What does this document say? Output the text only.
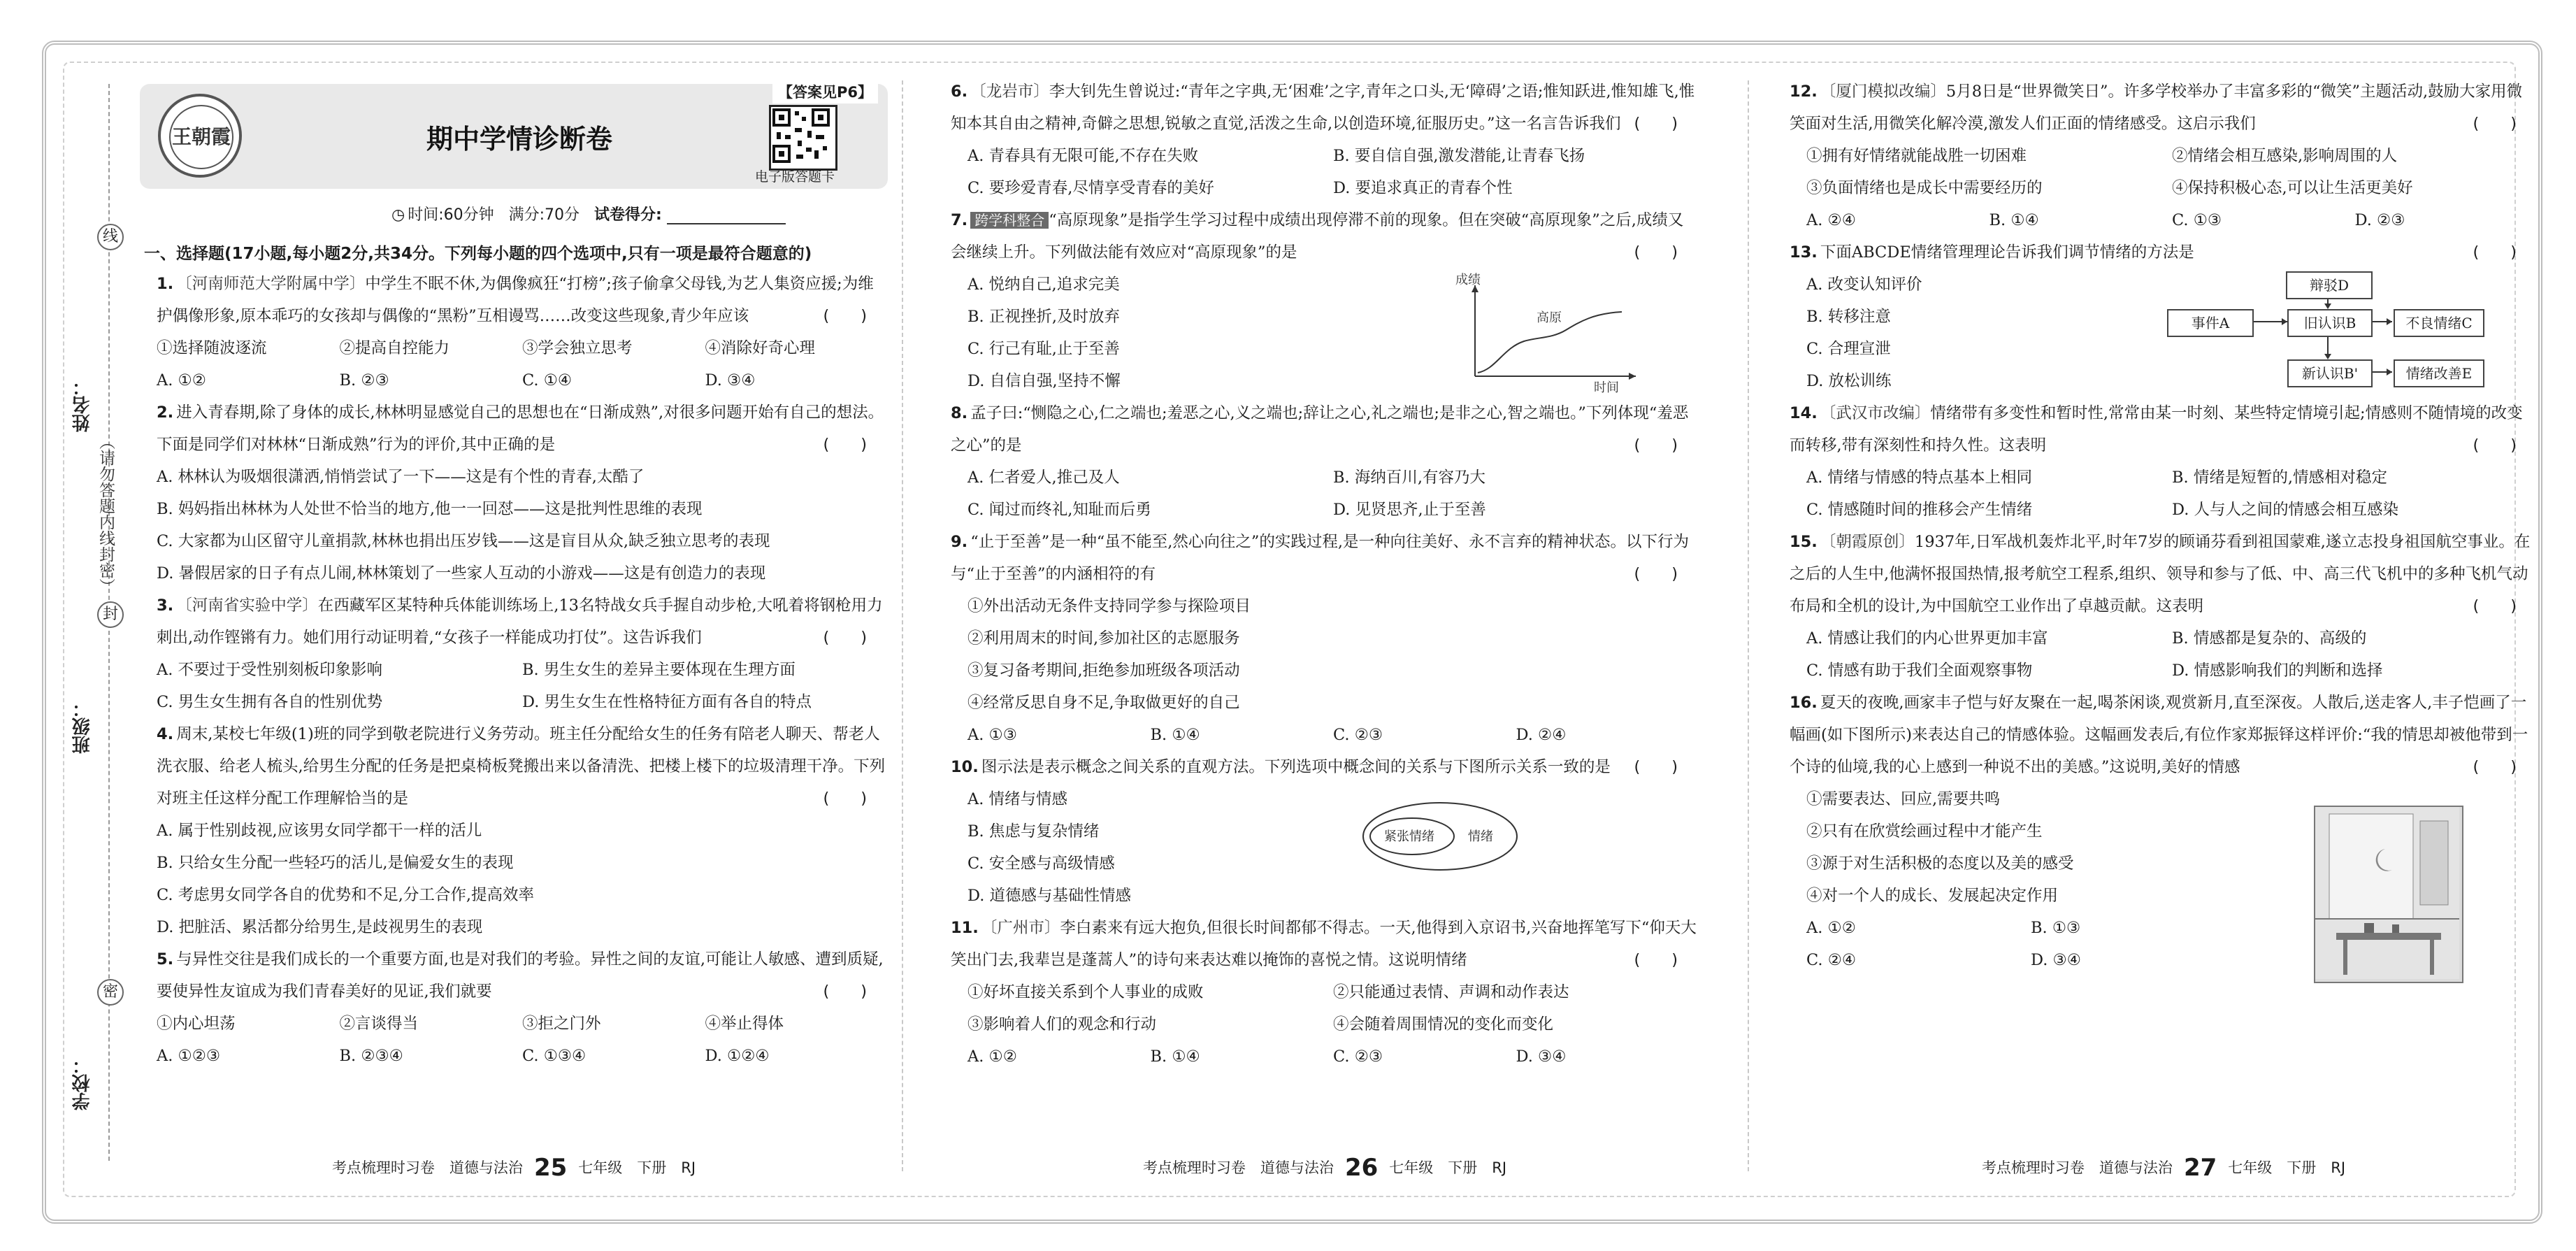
线
封
密
姓名：
（请勿答题内线封密）
班级：
学校：
王朝霞	期中学情诊断卷
【答案见P6】
电子版答题卡
◷ 时间:60分钟 满分:70分 试卷得分:
一、选择题(17小题,每小题2分,共34分。下列每小题的四个选项中,只有一项是最符合题意的)
1. 〔河南师范大学附属中学〕中学生不眠不休,为偶像疯狂“打榜”;孩子偷拿父母钱,为艺人集资应援;为维护偶像形象,原本乖巧的女孩却与偶像的“黑粉”互相谩骂……改变这些现象,青少年应该	(　　)
①选择随波逐流	②提高自控能力	③学会独立思考	④消除好奇心理
A. ①②	B. ②③	C. ①④	D. ③④
2. 进入青春期,除了身体的成长,林林明显感觉自己的思想也在“日渐成熟”,对很多问题开始有自己的想法。下面是同学们对林林“日渐成熟”行为的评价,其中正确的是	(　　)
A. 林林认为吸烟很潇洒,悄悄尝试了一下——这是有个性的青春,太酷了
B. 妈妈指出林林为人处世不恰当的地方,他一一回怼——这是批判性思维的表现
C. 大家都为山区留守儿童捐款,林林也捐出压岁钱——这是盲目从众,缺乏独立思考的表现
D. 暑假居家的日子有点儿闹,林林策划了一些家人互动的小游戏——这是有创造力的表现
3. 〔河南省实验中学〕在西藏军区某特种兵体能训练场上,13名特战女兵手握自动步枪,大吼着将钢枪用力刺出,动作铿锵有力。她们用行动证明着,“女孩子一样能成功打仗”。这告诉我们	(　　)
A. 不要过于受性别刻板印象影响	B. 男生女生的差异主要体现在生理方面
C. 男生女生拥有各自的性别优势	D. 男生女生在性格特征方面有各自的特点
4. 周末,某校七年级(1)班的同学到敬老院进行义务劳动。班主任分配给女生的任务有陪老人聊天、帮老人洗衣服、给老人梳头,给男生分配的任务是把桌椅板凳搬出来以备清洗、把楼上楼下的垃圾清理干净。下列对班主任这样分配工作理解恰当的是	(　　)
A. 属于性别歧视,应该男女同学都干一样的活儿
B. 只给女生分配一些轻巧的活儿,是偏爱女生的表现
C. 考虑男女同学各自的优势和不足,分工合作,提高效率
D. 把脏活、累活都分给男生,是歧视男生的表现
5. 与异性交往是我们成长的一个重要方面,也是对我们的考验。异性之间的友谊,可能让人敏感、遭到质疑,要使异性友谊成为我们青春美好的见证,我们就要	(　　)
①内心坦荡	②言谈得当	③拒之门外	④举止得体
A. ①②③	B. ②③④	C. ①③④	D. ①②④
考点梳理时习卷　道德与法治 25 七年级　下册　RJ
6. 〔龙岩市〕李大钊先生曾说过:“青年之字典,无‘困难’之字,青年之口头,无‘障碍’之语;惟知跃进,惟知雄飞,惟知本其自由之精神,奇僻之思想,锐敏之直觉,活泼之生命,以创造环境,征服历史。”这一名言告诉我们 (　　)
A. 青春具有无限可能,不存在失败	B. 要自信自强,激发潜能,让青春飞扬
C. 要珍爱青春,尽情享受青春的美好	D. 要追求真正的青春个性
7. 跨学科整合 “高原现象”是指学生学习过程中成绩出现停滞不前的现象。但在突破“高原现象”之后,成绩又会继续上升。下列做法能有效应对“高原现象”的是	(　　)
A. 悦纳自己,追求完美
B. 正视挫折,及时放弃
C. 行己有耻,止于至善
D. 自信自强,坚持不懈
成绩
时间
高原
8. 孟子曰:“恻隐之心,仁之端也;羞恶之心,义之端也;辞让之心,礼之端也;是非之心,智之端也。”下列体现“羞恶之心”的是	(　　)
A. 仁者爱人,推己及人	B. 海纳百川,有容乃大
C. 闻过而终礼,知耻而后勇	D. 见贤思齐,止于至善
9. “止于至善”是一种“虽不能至,然心向往之”的实践过程,是一种向往美好、永不言弃的精神状态。以下行为与“止于至善”的内涵相符的有	(　　)
①外出活动无条件支持同学参与探险项目
②利用周末的时间,参加社区的志愿服务
③复习备考期间,拒绝参加班级各项活动
④经常反思自身不足,争取做更好的自己
A. ①③	B. ①④	C. ②③	D. ②④
10. 图示法是表示概念之间关系的直观方法。下列选项中概念间的关系与下图所示关系一致的是 (　　)
A. 情绪与情感
B. 焦虑与复杂情绪
C. 安全感与高级情感
D. 道德感与基础性情感
紧张情绪	情绪
11. 〔广州市〕李白素来有远大抱负,但很长时间都郁不得志。一天,他得到入京诏书,兴奋地挥笔写下“仰天大笑出门去,我辈岂是蓬蒿人”的诗句来表达难以掩饰的喜悦之情。这说明情绪	(　　)
①好坏直接关系到个人事业的成败	②只能通过表情、声调和动作表达
③影响着人们的观念和行动	④会随着周围情况的变化而变化
A. ①②	B. ①④	C. ②③	D. ③④
考点梳理时习卷　道德与法治 26 七年级　下册　RJ
12. 〔厦门模拟改编〕5月8日是“世界微笑日”。许多学校举办了丰富多彩的“微笑”主题活动,鼓励大家用微笑面对生活,用微笑化解冷漠,激发人们正面的情绪感受。这启示我们	(　　)
①拥有好情绪就能战胜一切困难	②情绪会相互感染,影响周围的人
③负面情绪也是成长中需要经历的	④保持积极心态,可以让生活更美好
A. ②④	B. ①④	C. ①③	D. ②③
13. 下面ABCDE情绪管理理论告诉我们调节情绪的方法是	(　　)
A. 改变认知评价
B. 转移注意
C. 合理宣泄
D. 放松训练
辩驳D
事件A	旧认识B	不良情绪C
新认识B'	情绪改善E
14. 〔武汉市改编〕情绪带有多变性和暂时性,常常由某一时刻、某些特定情境引起;情感则不随情境的改变而转移,带有深刻性和持久性。这表明	(　　)
A. 情绪与情感的特点基本上相同	B. 情绪是短暂的,情感相对稳定
C. 情感随时间的推移会产生情绪	D. 人与人之间的情感会相互感染
15. 〔朝霞原创〕1937年,日军战机轰炸北平,时年7岁的顾诵芬看到祖国蒙难,遂立志投身祖国航空事业。在之后的人生中,他满怀报国热情,报考航空工程系,组织、领导和参与了低、中、高三代飞机中的多种飞机气动布局和全机的设计,为中国航空工业作出了卓越贡献。这表明	(　　)
A. 情感让我们的内心世界更加丰富	B. 情感都是复杂的、高级的
C. 情感有助于我们全面观察事物	D. 情感影响我们的判断和选择
16. 夏天的夜晚,画家丰子恺与好友聚在一起,喝茶闲谈,观赏新月,直至深夜。人散后,送走客人,丰子恺画了一幅画(如下图所示)来表达自己的情感体验。这幅画发表后,有位作家郑振铎这样评价:“我的情思却被他带到一个诗的仙境,我的心上感到一种说不出的美感。”这说明,美好的情感	(　　)
①需要表达、回应,需要共鸣
②只有在欣赏绘画过程中才能产生
③源于对生活积极的态度以及美的感受
④对一个人的成长、发展起决定作用
A. ①②	B. ①③
C. ②④	D. ③④
考点梳理时习卷　道德与法治 27 七年级　下册　RJ
